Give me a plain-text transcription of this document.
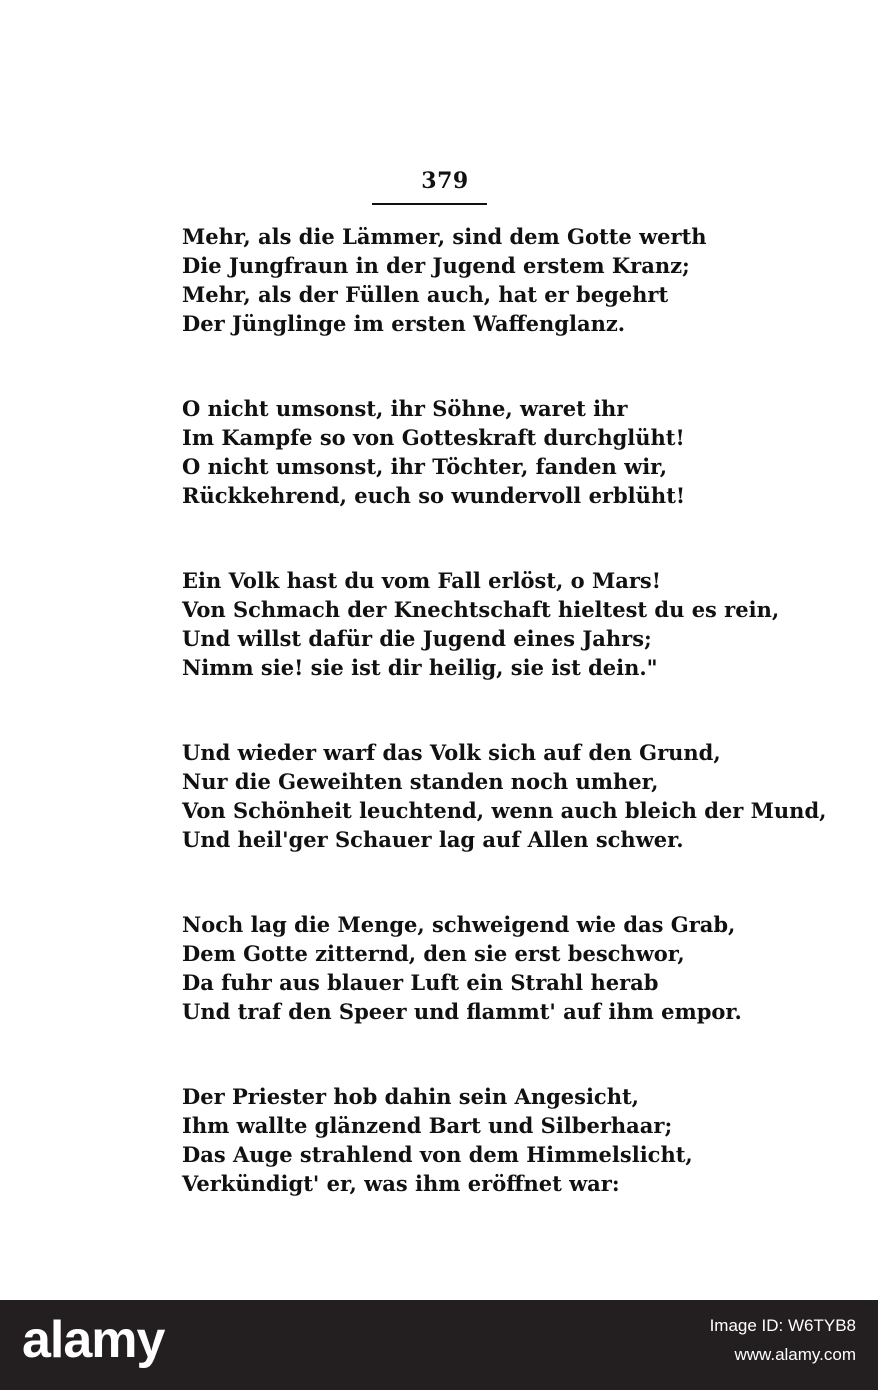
379
Mehr, als die Lämmer, sind dem Gotte werth
Die Jungfraun in der Jugend erstem Kranz;
Mehr, als der Füllen auch, hat er begehrt
Der Jünglinge im ersten Waffenglanz.
O nicht umsonst, ihr Söhne, waret ihr
Im Kampfe so von Gotteskraft durchglüht!
O nicht umsonst, ihr Töchter, fanden wir,
Rückkehrend, euch so wundervoll erblüht!
Ein Volk hast du vom Fall erlöst, o Mars!
Von Schmach der Knechtschaft hieltest du es rein,
Und willst dafür die Jugend eines Jahrs;
Nimm sie! sie ist dir heilig, sie ist dein."
Und wieder warf das Volk sich auf den Grund,
Nur die Geweihten standen noch umher,
Von Schönheit leuchtend, wenn auch bleich der Mund,
Und heil'ger Schauer lag auf Allen schwer.
Noch lag die Menge, schweigend wie das Grab,
Dem Gotte zitternd, den sie erst beschwor,
Da fuhr aus blauer Luft ein Strahl herab
Und traf den Speer und flammt' auf ihm empor.
Der Priester hob dahin sein Angesicht,
Ihm wallte glänzend Bart und Silberhaar;
Das Auge strahlend von dem Himmelslicht,
Verkündigt' er, was ihm eröffnet war:
alamy	Image ID: W6TYB8
www.alamy.com
